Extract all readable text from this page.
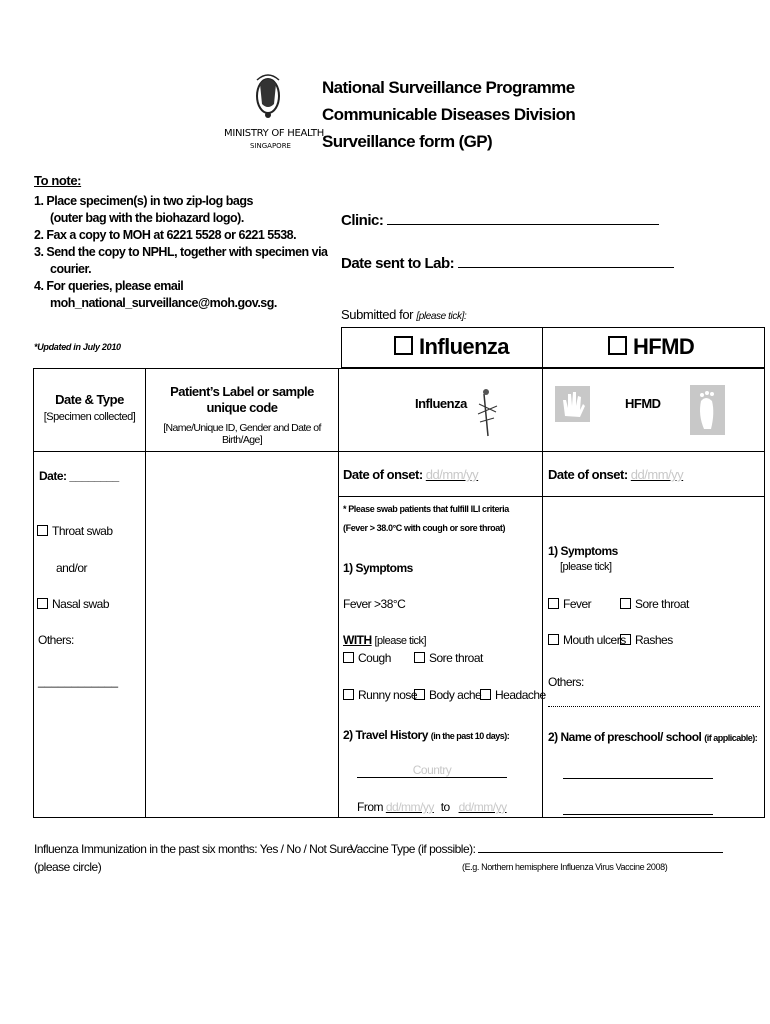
MINISTRY OF HEALTH
SINGAPORE
National Surveillance Programme
Communicable Diseases Division
Surveillance form (GP)
To note:
1. Place specimen(s) in two zip-log bags
(outer bag with the biohazard logo).
2. Fax a copy to MOH at 6221 5528 or 6221 5538.
3. Send the copy to NPHL, together with specimen via
courier.
4. For queries, please email
moh_national_surveillance@moh.gov.sg.
*Updated in July 2010
Clinic:
Date sent to Lab:
Submitted for [please tick]:
Influenza	HFMD
Date & Type
[Specimen collected]
Patient’s Label or sample unique code
[Name/Unique ID, Gender and Date of Birth/Age]
Influenza	HFMD
Date: ________
Throat swab
and/or
Nasal swab
Others:
____________
Date of onset: dd/mm/yy
* Please swab patients that fulfill ILI criteria
(Fever > 38.0°C with cough or sore throat)
1) Symptoms
Fever >38°C
WITH [please tick]
Cough	Sore throat
Runny nose Body ache	Headache
2) Travel History (in the past 10 days):
Country
From dd/mm/yy to dd/mm/yy
Date of onset: dd/mm/yy
1) Symptoms
[please tick]
Fever	Sore throat
Mouth ulcers Rashes
Others:
2) Name of preschool/ school (if applicable):
Influenza Immunization in the past six months: Yes / No / Not Sure
(please circle)
Vaccine Type (if possible):
(E.g. Northern hemisphere Influenza Virus Vaccine 2008)
